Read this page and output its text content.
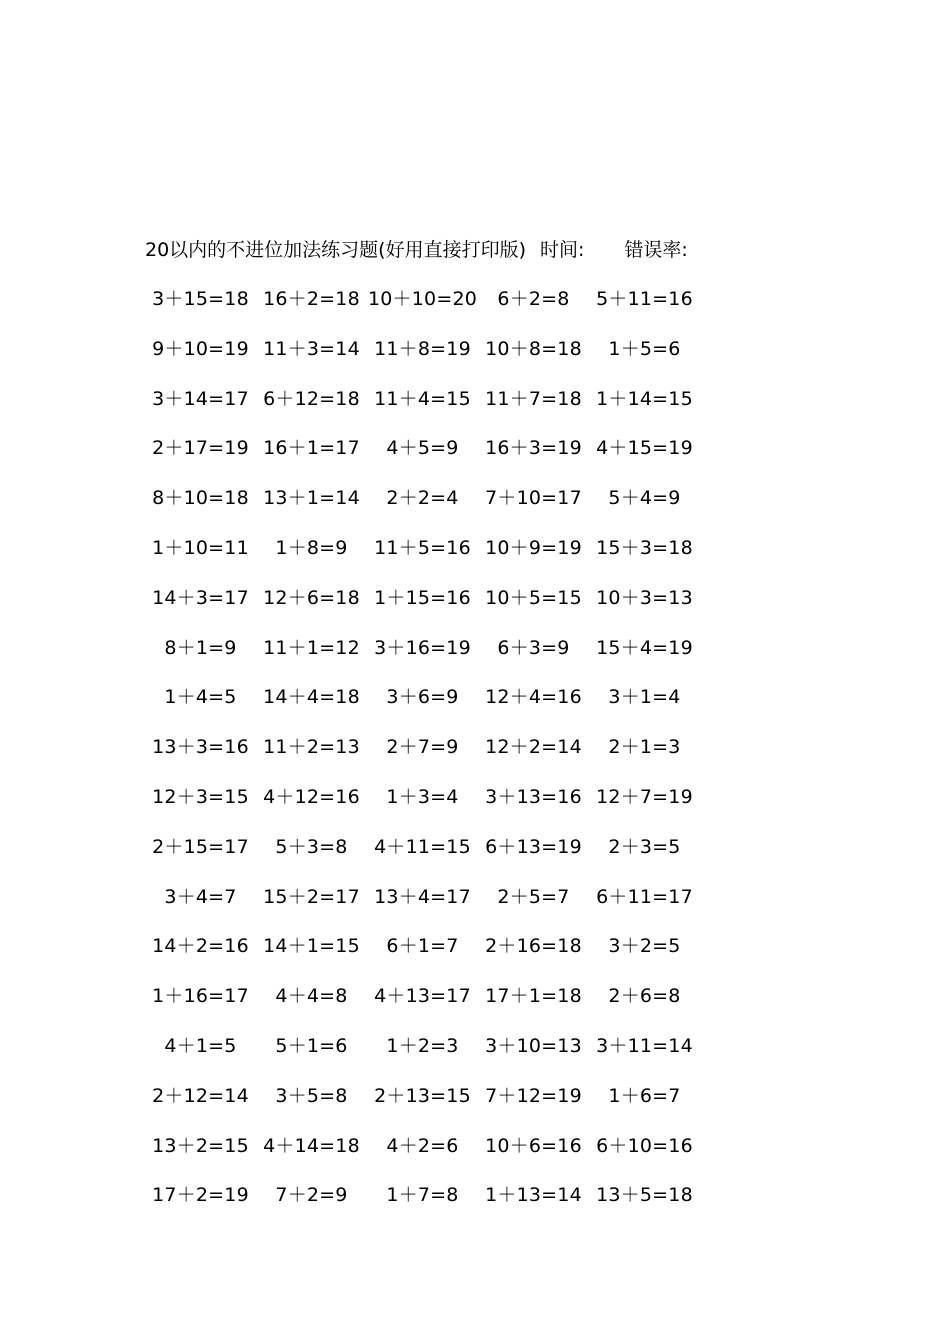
20以内的不进位加法练习题(好用直接打印版) 时间: 错误率:
3＋15=18 16＋2=18 10＋10=20	6＋2=8	5＋11=16
9＋10=19 11＋3=14 11＋8=19 10＋8=18	1＋5=6
3＋14=17 6＋12=18 11＋4=15 11＋7=18 1＋14=15
2＋17=19 16＋1=17	4＋5=9	16＋3=19 4＋15=19
8＋10=18 13＋1=14	2＋2=4	7＋10=17	5＋4=9
1＋10=11	1＋8=9	11＋5=16 10＋9=19 15＋3=18
14＋3=17 12＋6=18 1＋15=16 10＋5=15 10＋3=13
8＋1=9	11＋1=12 3＋16=19	6＋3=9	15＋4=19
1＋4=5	14＋4=18	3＋6=9	12＋4=16	3＋1=4
13＋3=16 11＋2=13	2＋7=9	12＋2=14	2＋1=3
12＋3=15 4＋12=16	1＋3=4	3＋13=16 12＋7=19
2＋15=17	5＋3=8	4＋11=15 6＋13=19	2＋3=5
3＋4=7	15＋2=17 13＋4=17	2＋5=7	6＋11=17
14＋2=16 14＋1=15	6＋1=7	2＋16=18	3＋2=5
1＋16=17	4＋4=8	4＋13=17 17＋1=18	2＋6=8
4＋1=5	5＋1=6	1＋2=3	3＋10=13 3＋11=14
2＋12=14	3＋5=8	2＋13=15 7＋12=19	1＋6=7
13＋2=15 4＋14=18	4＋2=6	10＋6=16 6＋10=16
17＋2=19	7＋2=9	1＋7=8	1＋13=14 13＋5=18
